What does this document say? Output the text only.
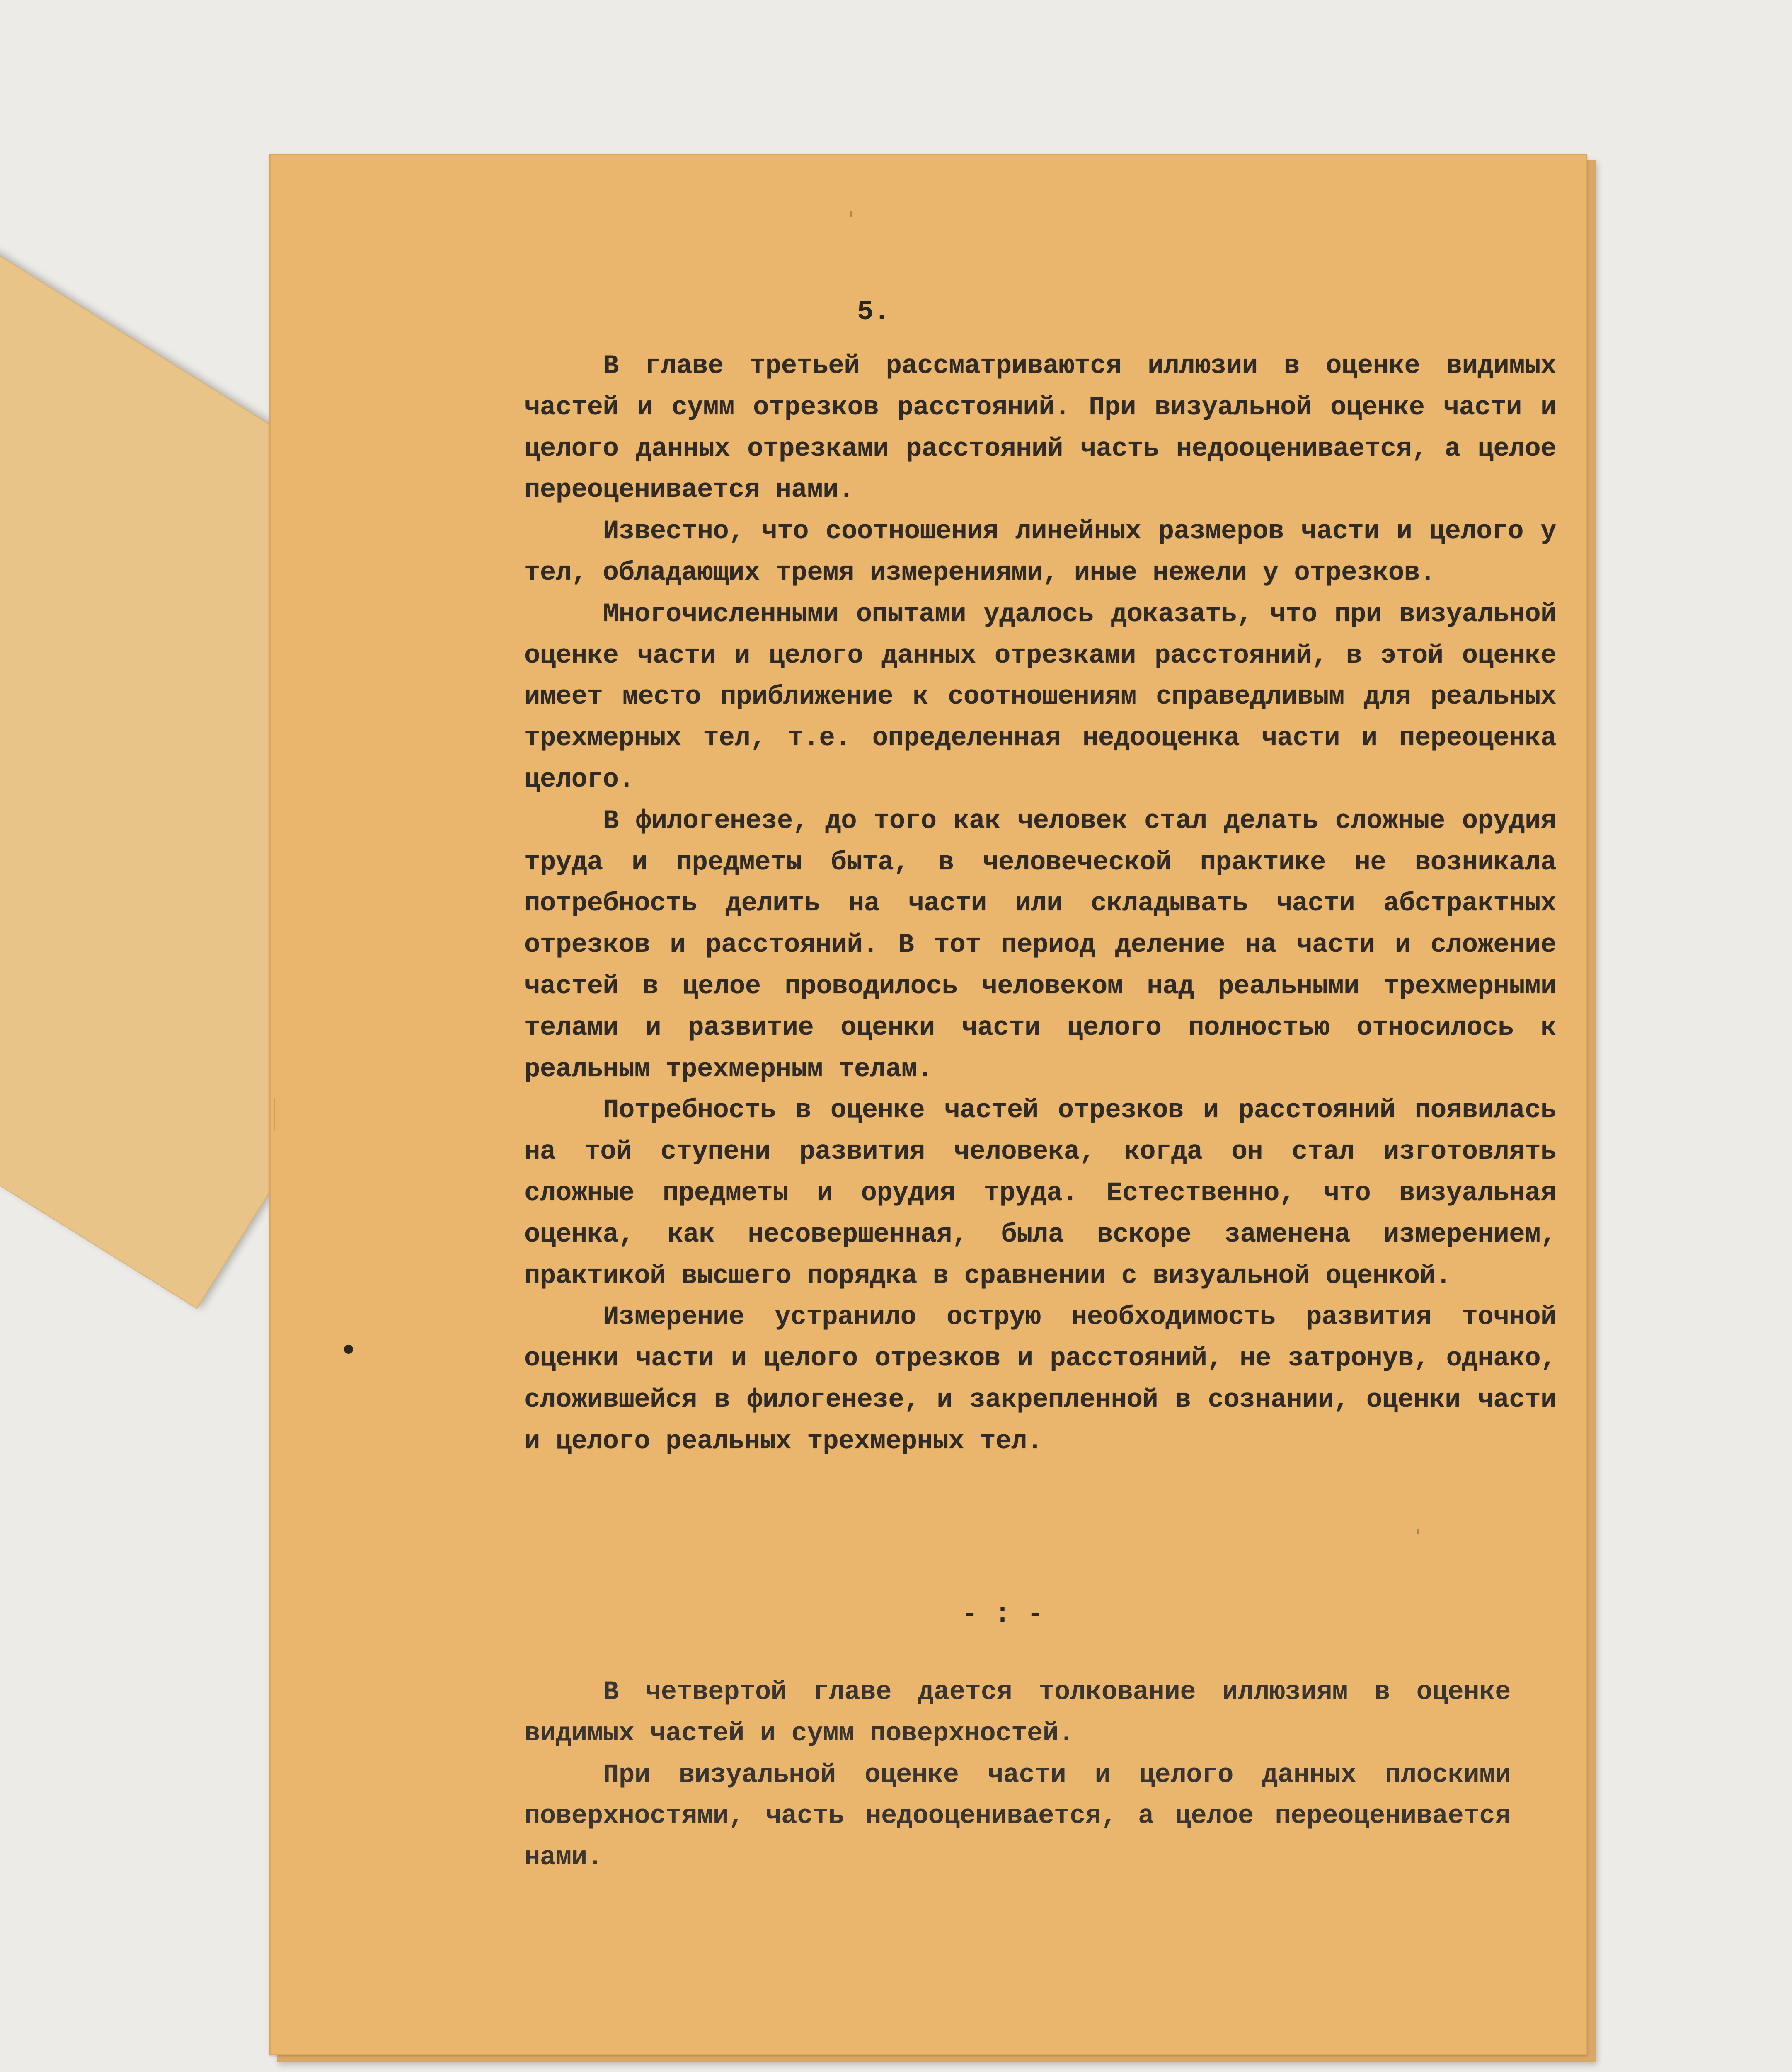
5.

В главе третьей рассматриваются иллюзии в оценке видимых частей и сумм отрезков расстояний. При визуальной оценке части и целого данных отрезками расстояний часть недооценивается, а целое переоценивается нами.

Известно, что соотношения линейных размеров части и целого у тел, обладающих тремя измерениями, иные нежели у отрезков.

Многочисленными опытами удалось доказать, что при визуальной оценке части и целого данных отрезками расстояний, в этой оценке имеет место приближение к соотношениям справедливым для реальных трехмерных тел, т.е. определенная недооценка части и переоценка целого.

В филогенезе, до того как человек стал делать сложные орудия труда и предметы быта, в человеческой практике не возникала потребность делить на части или складывать части абстрактных отрезков и расстояний. В тот период деление на части и сложение частей в целое проводилось человеком над реальными трехмерными телами и развитие оценки части целого полностью относилось к реальным трехмерным телам.

Потребность в оценке частей отрезков и расстояний появилась на той ступени развития человека, когда он стал изготовлять сложные предметы и орудия труда. Естественно, что визуальная оценка, как несовершенная, была вскоре заменена измерением, практикой высшего порядка в сравнении с визуальной оценкой.

Измерение устранило острую необходимость развития точной оценки части и целого отрезков и расстояний, не затронув, однако, сложившейся в филогенезе, и закрепленной в сознании, оценки части и целого реальных трехмерных тел.

- : -

В четвертой главе дается толкование иллюзиям в оценке видимых частей и сумм поверхностей.

При визуальной оценке части и целого данных плоскими поверхностями, часть недооценивается, а целое переоценивается нами.
